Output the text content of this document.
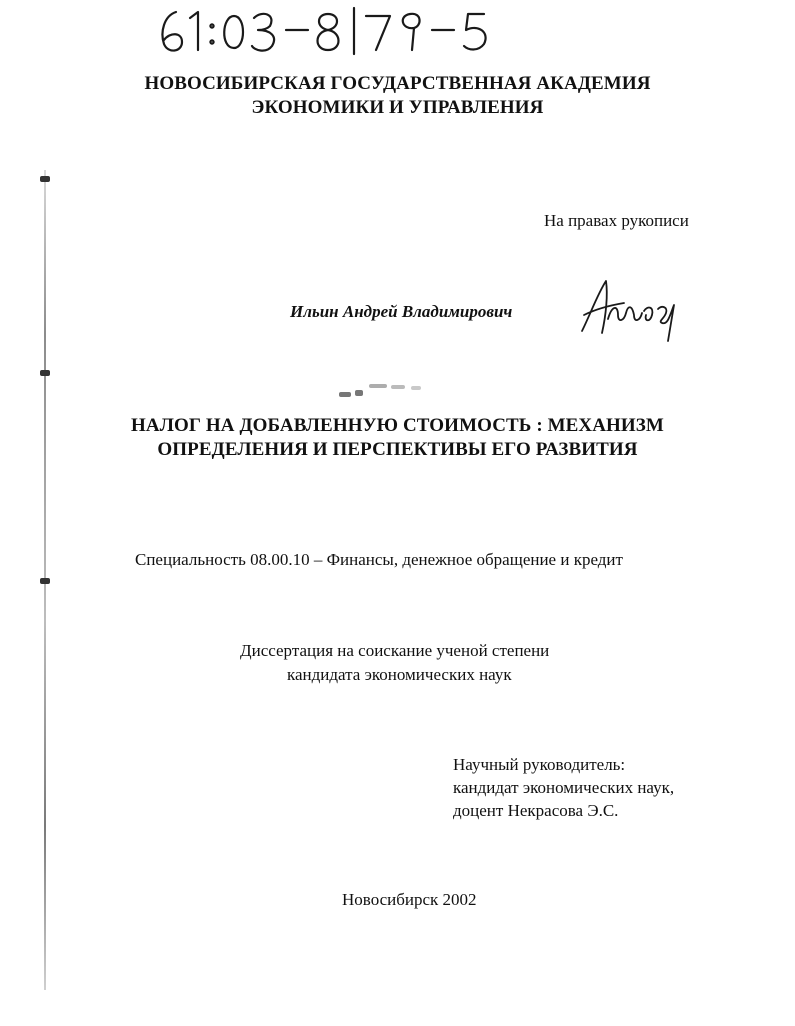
НОВОСИБИРСКАЯ ГОСУДАРСТВЕННАЯ АКАДЕМИЯ
ЭКОНОМИКИ И УПРАВЛЕНИЯ
На правах рукописи
Ильин Андрей Владимирович
НАЛОГ НА ДОБАВЛЕННУЮ СТОИМОСТЬ : МЕХАНИЗМ
ОПРЕДЕЛЕНИЯ И ПЕРСПЕКТИВЫ ЕГО РАЗВИТИЯ
Специальность 08.00.10 – Финансы, денежное обращение и кредит
Диссертация на соискание ученой степени
кандидата экономических наук
Научный руководитель:
кандидат экономических наук,
доцент Некрасова Э.С.
Новосибирск 2002
